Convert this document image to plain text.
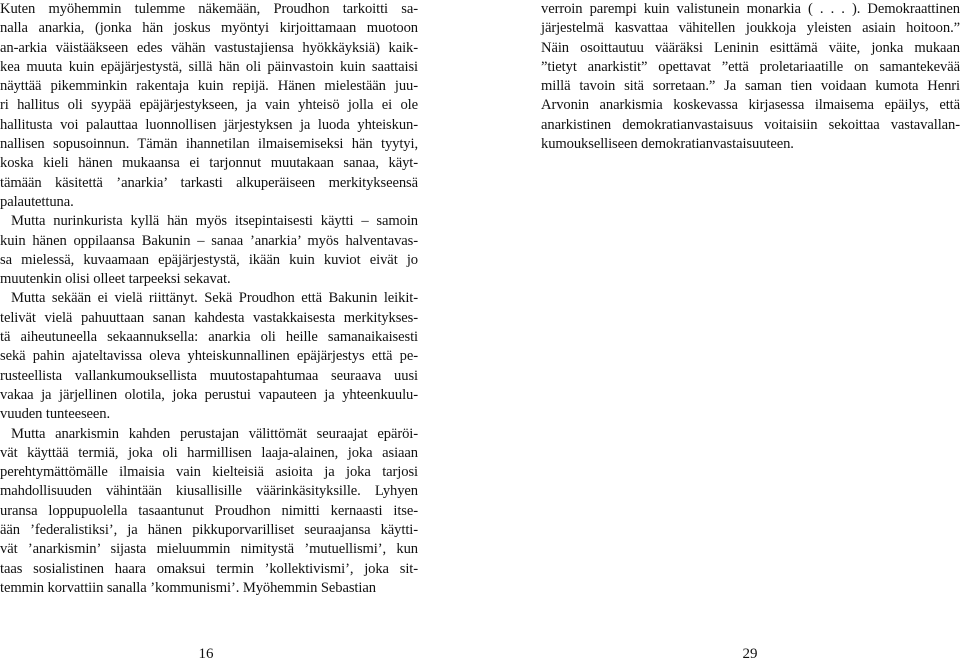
Kuten myöhemmin tulemme näkemään, Proudhon tarkoitti sa-
nalla anarkia, (jonka hän joskus myöntyi kirjoittamaan muotoon
an-arkia väistääkseen edes vähän vastustajiensa hyökkäyksiä) kaik-
kea muuta kuin epäjärjestystä, sillä hän oli päinvastoin kuin saattaisi
näyttää pikemminkin rakentaja kuin repijä. Hänen mielestään juu-
ri hallitus oli syypää epäjärjestykseen, ja vain yhteisö jolla ei ole
hallitusta voi palauttaa luonnollisen järjestyksen ja luoda yhteiskun-
nallisen sopusoinnun. Tämän ihannetilan ilmaisemiseksi hän tyytyi,
koska kieli hänen mukaansa ei tarjonnut muutakaan sanaa, käyt-
tämään käsitettä ’anarkia’ tarkasti alkuperäiseen merkitykseensä
palautettuna.

Mutta nurinkurista kyllä hän myös itsepintaisesti käytti – samoin
kuin hänen oppilaansa Bakunin – sanaa ’anarkia’ myös halventavas-
sa mielessä, kuvaamaan epäjärjestystä, ikään kuin kuviot eivät jo
muutenkin olisi olleet tarpeeksi sekavat.

Mutta sekään ei vielä riittänyt. Sekä Proudhon että Bakunin leikit-
telivät vielä pahuuttaan sanan kahdesta vastakkaisesta merkitykses-
tä aiheutuneella sekaannuksella: anarkia oli heille samanaikaisesti
sekä pahin ajateltavissa oleva yhteiskunnallinen epäjärjestys että pe-
rusteellista vallankumouksellista muutostapahtumaa seuraava uusi
vakaa ja järjellinen olotila, joka perustui vapauteen ja yhteenkuulu-
vuuden tunteeseen.

Mutta anarkismin kahden perustajan välittömät seuraajat epäröi-
vät käyttää termiä, joka oli harmillisen laaja-alainen, joka asiaan
perehtymättömälle ilmaisia vain kielteisiä asioita ja joka tarjosi
mahdollisuuden vähintään kiusallisille väärinkäsityksille. Lyhyen
uransa loppupuolella tasaantunut Proudhon nimitti kernaasti itse-
ään ’federalistiksi’, ja hänen pikkuporvarilliset seuraajansa käytti-
vät ’anarkismin’ sijasta mieluummin nimitystä ’mutuellismi’, kun
taas sosialistinen haara omaksui termin ’kollektivismi’, joka sit-
temmin korvattiin sanalla ’kommunismi’. Myöhemmin Sebastian

16

verroin parempi kuin valistunein monarkia ( . . . ). Demokraattinen
järjestelmä kasvattaa vähitellen joukkoja yleisten asiain hoitoon.”
Näin osoittautuu vääräksi Leninin esittämä väite, jonka mukaan
”tietyt anarkistit” opettavat ”että proletariaatille on samantekevää
millä tavoin sitä sorretaan.” Ja saman tien voidaan kumota Henri
Arvonin anarkismia koskevassa kirjasessa ilmaisema epäilys, että
anarkistinen demokratianvastaisuus voitaisiin sekoittaa vastavallan-
kumoukselliseen demokratianvastaisuuteen.

29
